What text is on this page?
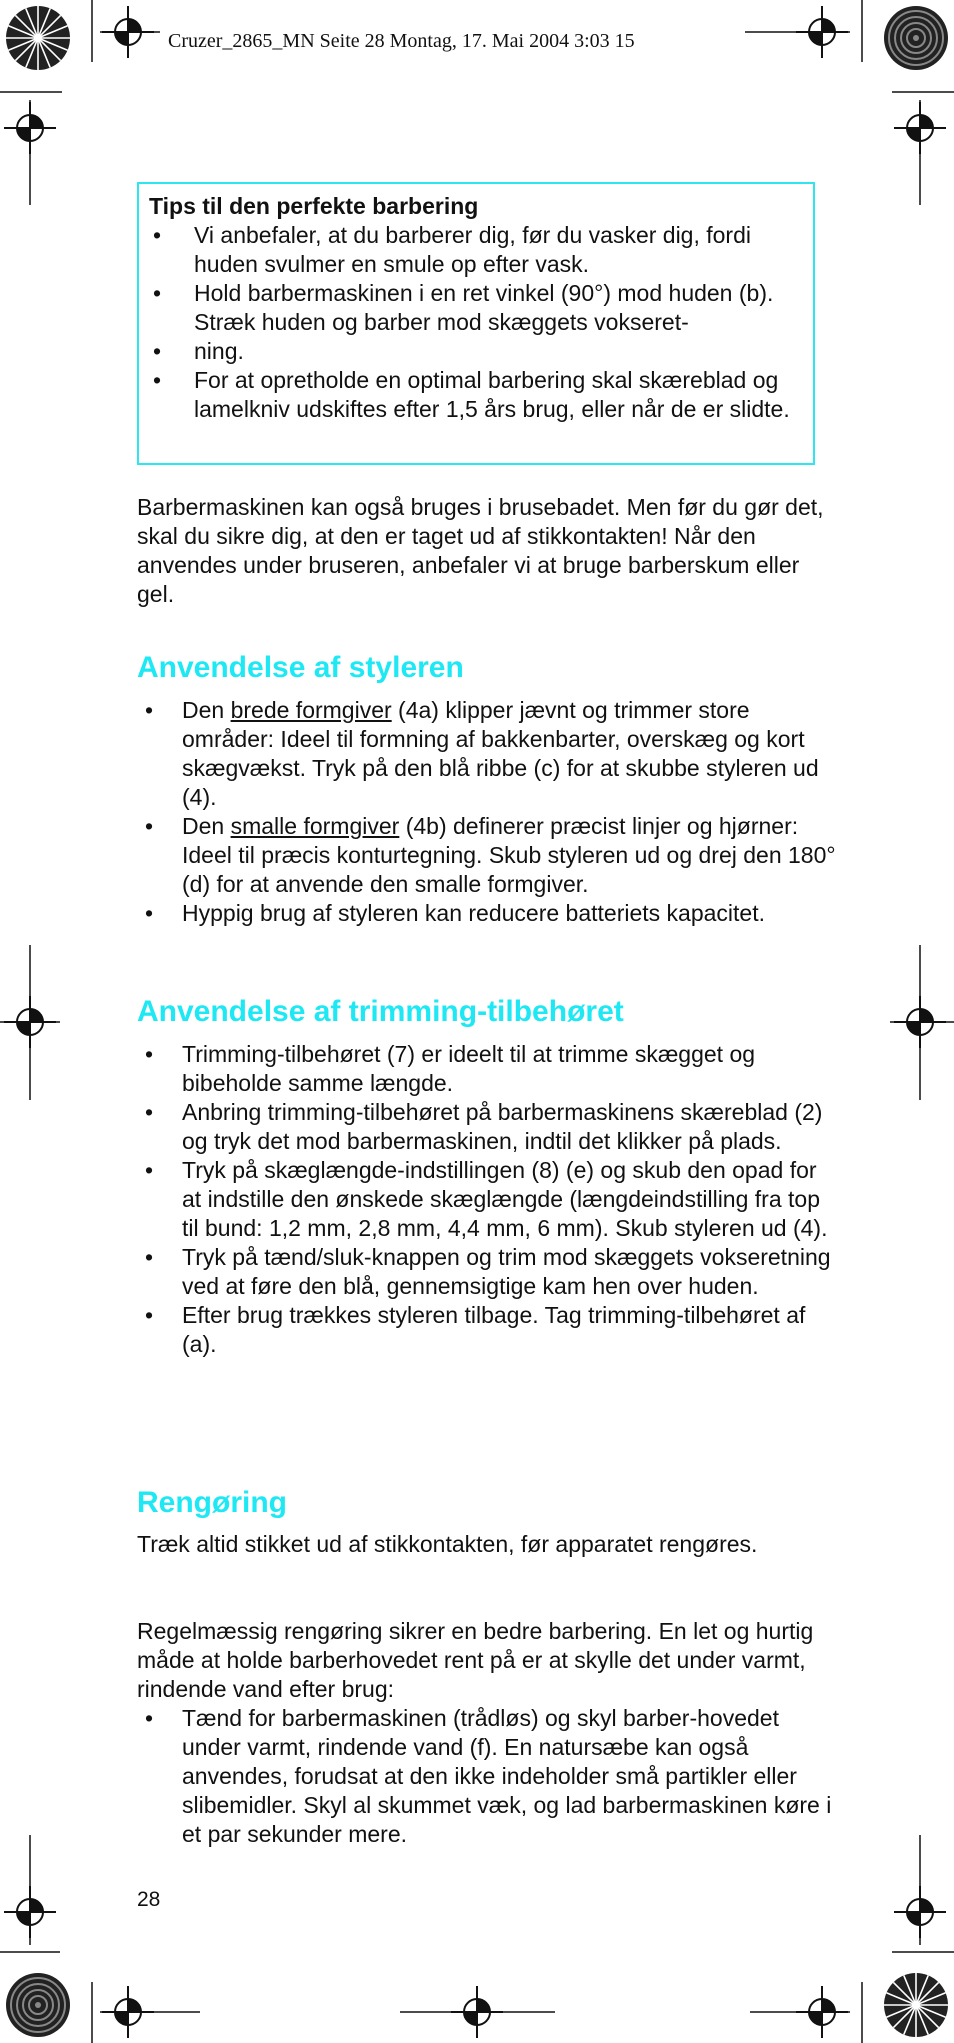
Cruzer_2865_MN Seite 28 Montag, 17. Mai 2004 3:03 15
Tips til den perfekte barbering
• Vi anbefaler, at du barberer dig, før du vasker dig, fordi huden svulmer en smule op efter vask.
• Hold barbermaskinen i en ret vinkel (90°) mod huden (b). Stræk huden og barber mod skæggets vokseret-
• ning.
• For at opretholde en optimal barbering skal skæreblad og lamelkniv udskiftes efter 1,5 års brug, eller når de er slidte.
Barbermaskinen kan også bruges i brusebadet. Men før du gør det, skal du sikre dig, at den er taget ud af stikkontakten! Når den anvendes under bruseren, anbefaler vi at bruge barberskum eller gel.
Anvendelse af styleren
• Den brede formgiver (4a) klipper jævnt og trimmer store områder: Ideel til formning af bakkenbarter, overskæg og kort skægvækst. Tryk på den blå ribbe (c) for at skubbe styleren ud (4).
• Den smalle formgiver (4b) definerer præcist linjer og hjørner: Ideel til præcis konturtegning. Skub styleren ud og drej den 180° (d) for at anvende den smalle formgiver.
• Hyppig brug af styleren kan reducere batteriets kapacitet.
Anvendelse af trimming-tilbehøret
• Trimming-tilbehøret (7) er ideelt til at trimme skægget og bibeholde samme længde.
• Anbring trimming-tilbehøret på barbermaskinens skæreblad (2) og tryk det mod barbermaskinen, indtil det klikker på plads.
• Tryk på skæglængde-indstillingen (8) (e) og skub den opad for at indstille den ønskede skæglængde (længdeindstilling fra top til bund: 1,2 mm, 2,8 mm, 4,4 mm, 6 mm). Skub styleren ud (4).
• Tryk på tænd/sluk-knappen og trim mod skæggets vokseretning ved at føre den blå, gennemsigtige kam hen over huden.
• Efter brug trækkes styleren tilbage. Tag trimming-tilbehøret af (a).
Rengøring
Træk altid stikket ud af stikkontakten, før apparatet rengøres.
Regelmæssig rengøring sikrer en bedre barbering. En let og hurtig måde at holde barberhovedet rent på er at skylle det under varmt, rindende vand efter brug:
• Tænd for barbermaskinen (trådløs) og skyl barber-hovedet under varmt, rindende vand (f). En natursæbe kan også anvendes, forudsat at den ikke indeholder små partikler eller slibemidler. Skyl al skummet væk, og lad barbermaskinen køre i et par sekunder mere.
28
